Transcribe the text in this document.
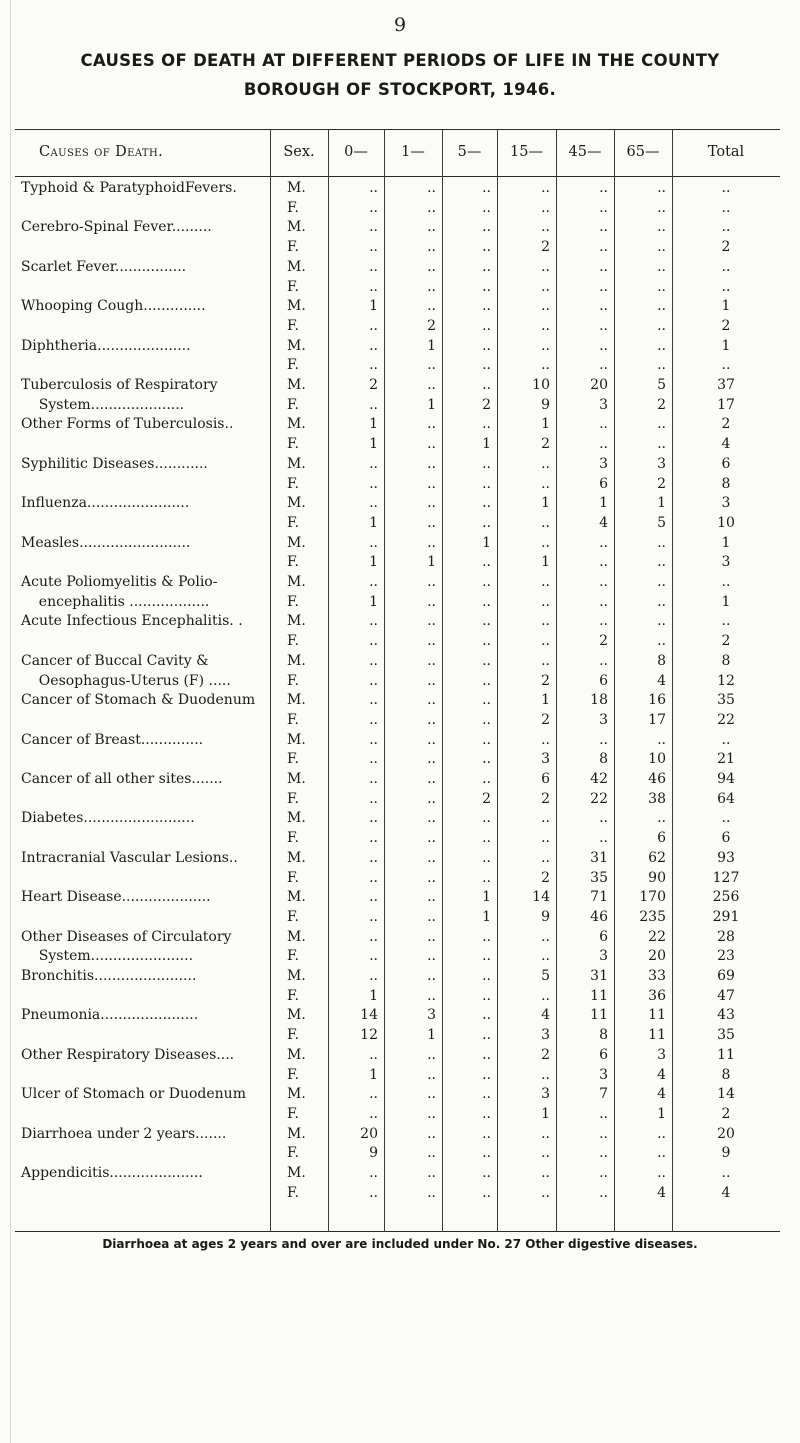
9
CAUSES OF DEATH AT DIFFERENT PERIODS OF LIFE IN THE COUNTY
BOROUGH OF STOCKPORT, 1946.
Causes of Death.	Sex.	0—	1—	5—	15—	45—	65—	Total
Typhoid & ParatyphoidFevers.	M.	..	..	..	..	..	..	..
F.	..	..	..	..	..	..	..
Cerebro-Spinal Fever.........	M.	..	..	..	..	..	..	..
F.	..	..	..	2	..	..	2
Scarlet Fever................	M.	..	..	..	..	..	..	..
F.	..	..	..	..	..	..	..
Whooping Cough..............	M.	1	..	..	..	..	..	1
F.	..	2	..	..	..	..	2
Diphtheria.....................	M.	..	1	..	..	..	..	1
F.	..	..	..	..	..	..	..
Tuberculosis of Respiratory	M.	2	..	..	10	20	5	37
System.....................	F.	..	1	2	9	3	2	17
Other Forms of Tuberculosis..	M.	1	..	..	1	..	..	2
F.	1	..	1	2	..	..	4
Syphilitic Diseases............	M.	..	..	..	..	3	3	6
F.	..	..	..	..	6	2	8
Influenza.......................	M.	..	..	..	1	1	1	3
F.	1	..	..	..	4	5	10
Measles.........................	M.	..	..	1	..	..	..	1
F.	1	1	..	1	..	..	3
Acute Poliomyelitis & Polio-	M.	..	..	..	..	..	..	..
encephalitis ..................	F.	1	..	..	..	..	..	1
Acute Infectious Encephalitis. .	M.	..	..	..	..	..	..	..
F.	..	..	..	..	2	..	2
Cancer of Buccal Cavity &	M.	..	..	..	..	..	8	8
Oesophagus-Uterus (F) .....	F.	..	..	..	2	6	4	12
Cancer of Stomach & Duodenum	M.	..	..	..	1	18	16	35
F.	..	..	..	2	3	17	22
Cancer of Breast..............	M.	..	..	..	..	..	..	..
F.	..	..	..	3	8	10	21
Cancer of all other sites.......	M.	..	..	..	6	42	46	94
F.	..	..	2	2	22	38	64
Diabetes.........................	M.	..	..	..	..	..	..	..
F.	..	..	..	..	..	6	6
Intracranial Vascular Lesions..	M.	..	..	..	..	31	62	93
F.	..	..	..	2	35	90	127
Heart Disease....................	M.	..	..	1	14	71	170	256
F.	..	..	1	9	46	235	291
Other Diseases of Circulatory	M.	..	..	..	..	6	22	28
System.......................	F.	..	..	..	..	3	20	23
Bronchitis.......................	M.	..	..	..	5	31	33	69
F.	1	..	..	..	11	36	47
Pneumonia......................	M.	14	3	..	4	11	11	43
F.	12	1	..	3	8	11	35
Other Respiratory Diseases....	M.	..	..	..	2	6	3	11
F.	1	..	..	..	3	4	8
Ulcer of Stomach or Duodenum	M.	..	..	..	3	7	4	14
F.	..	..	..	1	..	1	2
Diarrhoea under 2 years.......	M.	20	..	..	..	..	..	20
F.	9	..	..	..	..	..	9
Appendicitis.....................	M.	..	..	..	..	..	..	..
F.	..	..	..	..	..	4	4
Diarrhoea at ages 2 years and over are included under No. 27 Other digestive diseases.
